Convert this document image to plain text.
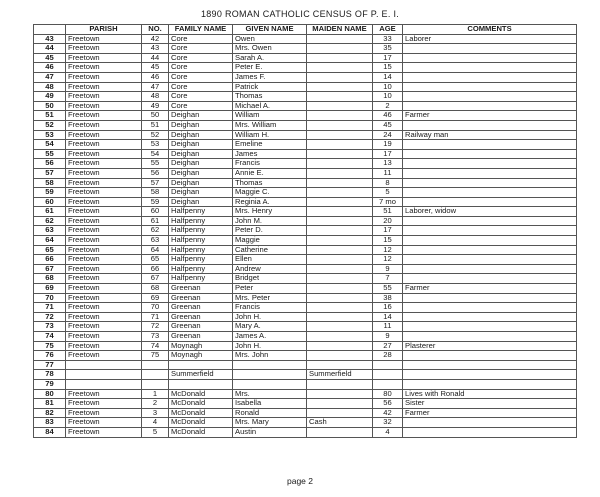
1890 ROMAN CATHOLIC CENSUS OF P. E. I.
	PARISH	NO.	FAMILY NAME	GIVEN NAME	MAIDEN NAME	AGE	COMMENTS
43	Freetown	42	Core	Owen		33	Laborer
44	Freetown	43	Core	Mrs. Owen		35	
45	Freetown	44	Core	Sarah A.		17	
46	Freetown	45	Core	Peter E.		15	
47	Freetown	46	Core	James F.		14	
48	Freetown	47	Core	Patrick		10	
49	Freetown	48	Core	Thomas		10	
50	Freetown	49	Core	Michael A.		2	
51	Freetown	50	Deighan	William		46	Farmer
52	Freetown	51	Deighan	Mrs. William		45	
53	Freetown	52	Deighan	William H.		24	Railway man
54	Freetown	53	Deighan	Emeline		19	
55	Freetown	54	Deighan	James		17	
56	Freetown	55	Deighan	Francis		13	
57	Freetown	56	Deighan	Annie E.		11	
58	Freetown	57	Deighan	Thomas		8	
59	Freetown	58	Deighan	Maggie C.		5	
60	Freetown	59	Deighan	Reginia A.		7 mo	
61	Freetown	60	Halfpenny	Mrs. Henry		51	Laborer, widow
62	Freetown	61	Halfpenny	John M.		20	
63	Freetown	62	Halfpenny	Peter D.		17	
64	Freetown	63	Halfpenny	Maggie		15	
65	Freetown	64	Halfpenny	Catherine		12	
66	Freetown	65	Halfpenny	Ellen		12	
67	Freetown	66	Halfpenny	Andrew		9	
68	Freetown	67	Halfpenny	Bridget		7	
69	Freetown	68	Greenan	Peter		55	Farmer
70	Freetown	69	Greenan	Mrs. Peter		38	
71	Freetown	70	Greenan	Francis		16	
72	Freetown	71	Greenan	John H.		14	
73	Freetown	72	Greenan	Mary A.		11	
74	Freetown	73	Greenan	James A.		9	
75	Freetown	74	Moynagh	John H.		27	Plasterer
76	Freetown	75	Moynagh	Mrs. John		28	
77							
78			Summerfield		Summerfield		
79							
80	Freetown	1	McDonald	Mrs.		80	Lives with Ronald
81	Freetown	2	McDonald	Isabella		56	Sister
82	Freetown	3	McDonald	Ronald		42	Farmer
83	Freetown	4	McDonald	Mrs. Mary	Cash	32	
84	Freetown	5	McDonald	Austin		4	
page 2
